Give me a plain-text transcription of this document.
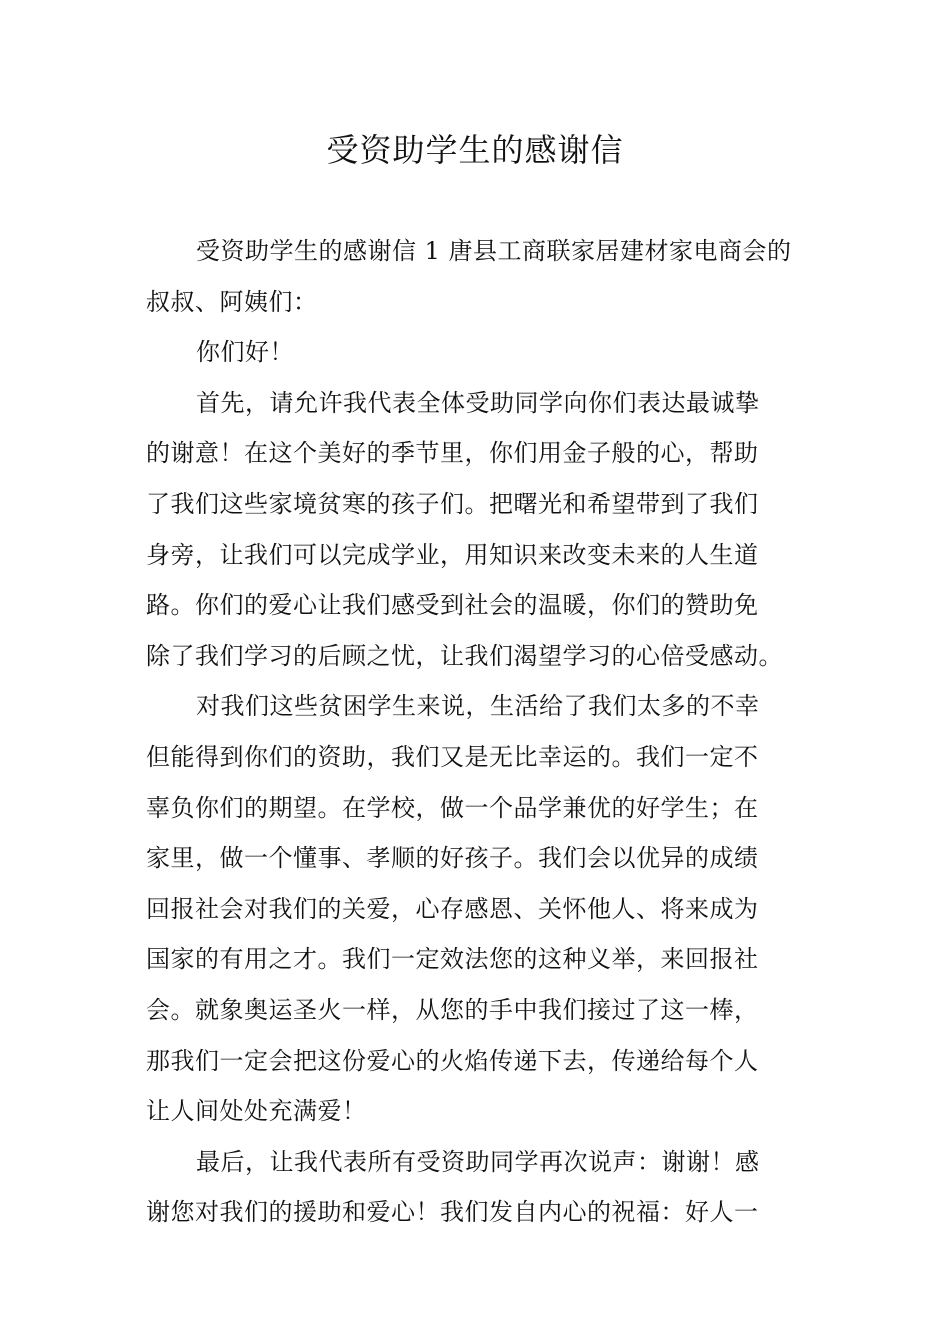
受资助学生的感谢信
受资助学生的感谢信 1 唐县工商联家居建材家电商会的
叔叔、阿姨们：
你们好！
首先，请允许我代表全体受助同学向你们表达最诚挚
的谢意！在这个美好的季节里，你们用金子般的心，帮助
了我们这些家境贫寒的孩子们。把曙光和希望带到了我们
身旁，让我们可以完成学业，用知识来改变未来的人生道
路。你们的爱心让我们感受到社会的温暖，你们的赞助免
除了我们学习的后顾之忧，让我们渴望学习的心倍受感动。
对我们这些贫困学生来说，生活给了我们太多的不幸
但能得到你们的资助，我们又是无比幸运的。我们一定不
辜负你们的期望。在学校，做一个品学兼优的好学生；在
家里，做一个懂事、孝顺的好孩子。我们会以优异的成绩
回报社会对我们的关爱，心存感恩、关怀他人、将来成为
国家的有用之才。我们一定效法您的这种义举，来回报社
会。就象奥运圣火一样，从您的手中我们接过了这一棒，
那我们一定会把这份爱心的火焰传递下去，传递给每个人
让人间处处充满爱！
最后，让我代表所有受资助同学再次说声：谢谢！感
谢您对我们的援助和爱心！我们发自内心的祝福：好人一
